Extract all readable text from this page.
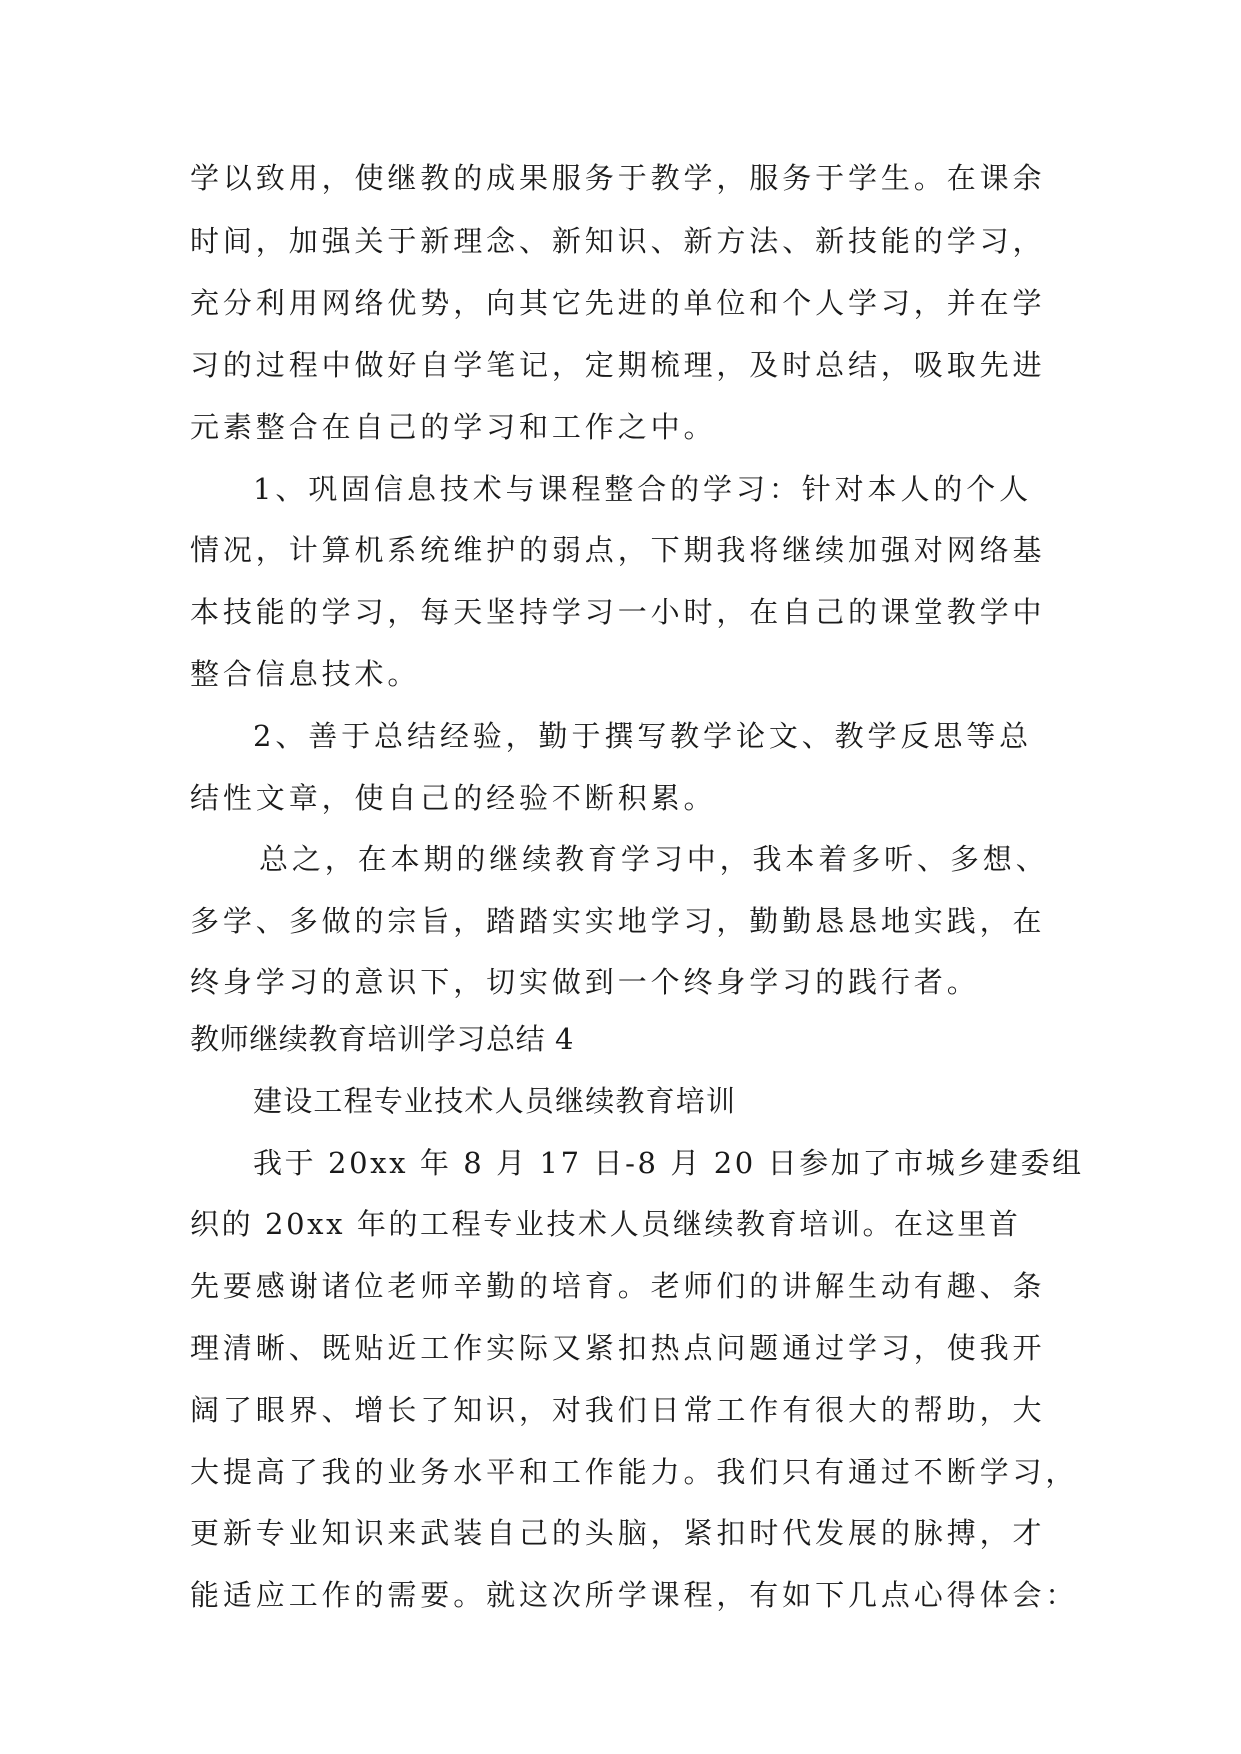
学以致用，使继教的成果服务于教学，服务于学生。在课余
时间，加强关于新理念、新知识、新方法、新技能的学习，
充分利用网络优势，向其它先进的单位和个人学习，并在学
习的过程中做好自学笔记，定期梳理，及时总结，吸取先进
元素整合在自己的学习和工作之中。
1、巩固信息技术与课程整合的学习：针对本人的个人
情况，计算机系统维护的弱点，下期我将继续加强对网络基
本技能的学习，每天坚持学习一小时，在自己的课堂教学中
整合信息技术。
2、善于总结经验，勤于撰写教学论文、教学反思等总
结性文章，使自己的经验不断积累。
总之，在本期的继续教育学习中，我本着多听、多想、
多学、多做的宗旨，踏踏实实地学习，勤勤恳恳地实践，在
终身学习的意识下，切实做到一个终身学习的践行者。
教师继续教育培训学习总结 4
建设工程专业技术人员继续教育培训
我于 20xx 年 8 月 17 日-8 月 20 日参加了市城乡建委组
织的 20xx 年的工程专业技术人员继续教育培训。在这里首
先要感谢诸位老师辛勤的培育。老师们的讲解生动有趣、条
理清晰、既贴近工作实际又紧扣热点问题通过学习，使我开
阔了眼界、增长了知识，对我们日常工作有很大的帮助，大
大提高了我的业务水平和工作能力。我们只有通过不断学习，
更新专业知识来武装自己的头脑，紧扣时代发展的脉搏，才
能适应工作的需要。就这次所学课程，有如下几点心得体会：
